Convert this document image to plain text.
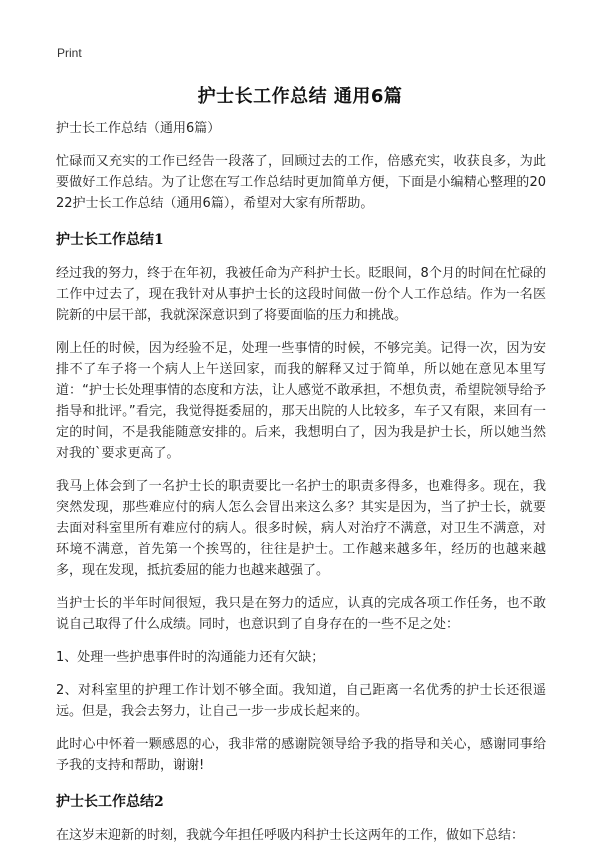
Print
护士长工作总结 通用6篇

护士长工作总结（通用6篇）

忙碌而又充实的工作已经告一段落了，回顾过去的工作，倍感充实，收获良多，为此要做好工作总结。为了让您在写工作总结时更加简单方便，下面是小编精心整理的2022护士长工作总结（通用6篇），希望对大家有所帮助。

护士长工作总结1

经过我的努力，终于在年初，我被任命为产科护士长。眨眼间，8个月的时间在忙碌的工作中过去了，现在我针对从事护士长的这段时间做一份个人工作总结。作为一名医院新的中层干部，我就深深意识到了将要面临的压力和挑战。

刚上任的时候，因为经验不足，处理一些事情的时候，不够完美。记得一次，因为安排不了车子将一个病人上午送回家，而我的解释又过于简单，所以她在意见本里写道：“护士长处理事情的态度和方法，让人感觉不敢承担，不想负责，希望院领导给予指导和批评。”看完，我觉得挺委屈的，那天出院的人比较多，车子又有限，来回有一定的时间，不是我能随意安排的。后来，我想明白了，因为我是护士长，所以她当然对我的`要求更高了。

我马上体会到了一名护士长的职责要比一名护士的职责多得多，也难得多。现在，我突然发现，那些难应付的病人怎么会冒出来这么多？其实是因为，当了护士长，就要去面对科室里所有难应付的病人。很多时候，病人对治疗不满意，对卫生不满意，对环境不满意，首先第一个挨骂的，往往是护士。工作越来越多年，经历的也越来越多，现在发现，抵抗委屈的能力也越来越强了。

当护士长的半年时间很短，我只是在努力的适应，认真的完成各项工作任务，也不敢说自己取得了什么成绩。同时，也意识到了自身存在的一些不足之处：

1、处理一些护患事件时的沟通能力还有欠缺；

2、对科室里的护理工作计划不够全面。我知道，自己距离一名优秀的护士长还很遥远。但是，我会去努力，让自己一步一步成长起来的。

此时心中怀着一颗感恩的心，我非常的感谢院领导给予我的指导和关心，感谢同事给予我的支持和帮助，谢谢!

护士长工作总结2

在这岁末迎新的时刻，我就今年担任呼吸内科护士长这两年的工作，做如下总结：
